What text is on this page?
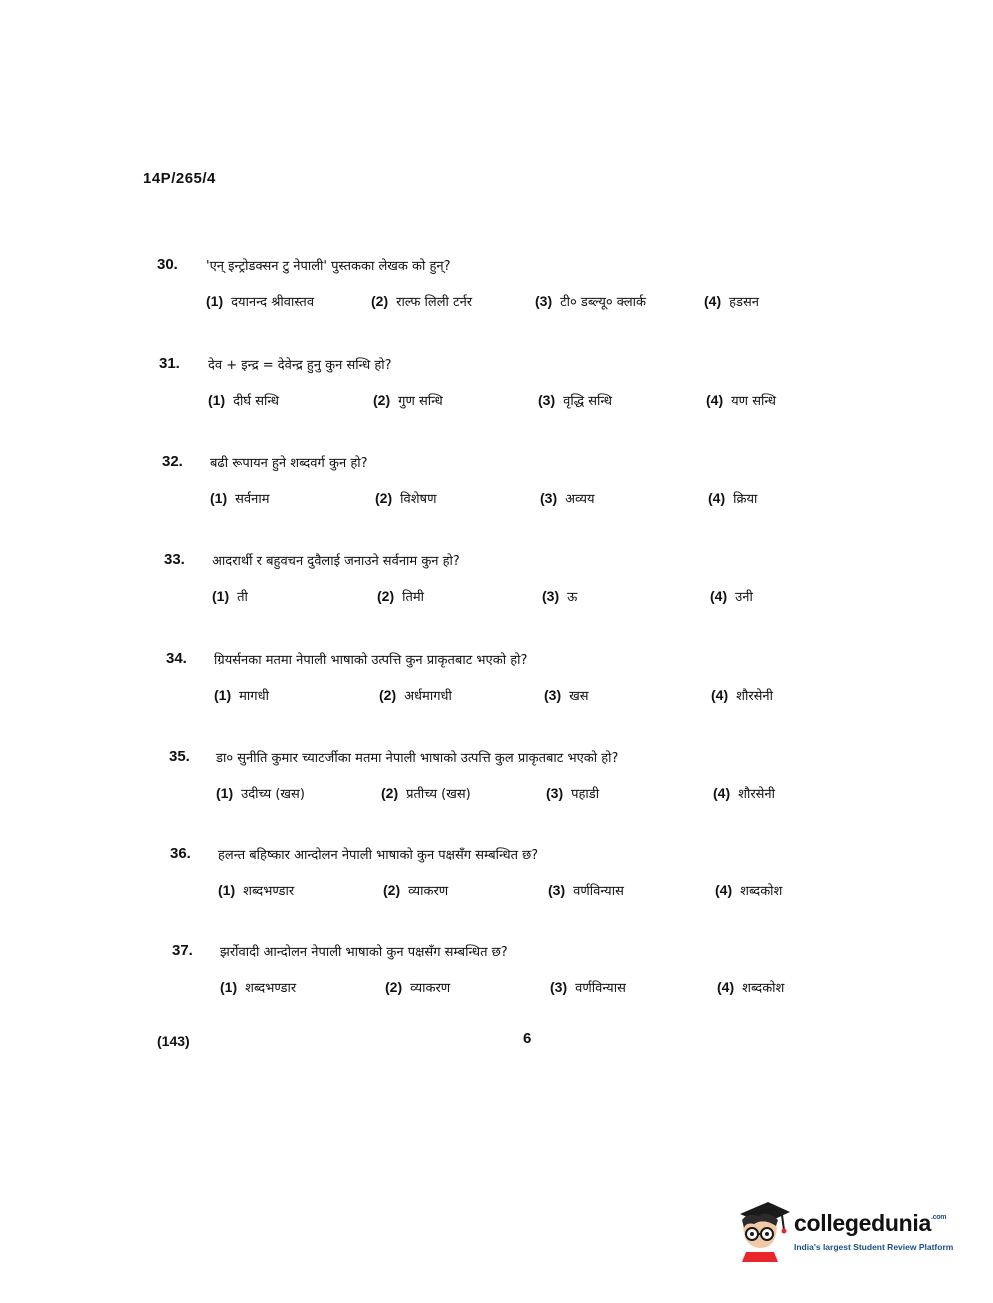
14P/265/4
30. 'एन् इन्ट्रोडक्सन टु नेपाली' पुस्तकका लेखक को हुन्?
(1) दयानन्द श्रीवास्तव	(2) राल्फ लिली टर्नर	(3) टी० डब्ल्यू० क्लार्क	(4) हडसन
31. देव + इन्द्र = देवेन्द्र हुनु कुन सन्धि हो?
(1) दीर्घ सन्धि	(2) गुण सन्धि	(3) वृद्धि सन्धि	(4) यण सन्धि
32. बढी रूपायन हुने शब्दवर्ग कुन हो?
(1) सर्वनाम	(2) विशेषण	(3) अव्यय	(4) क्रिया
33. आदरार्थी र बहुवचन दुवैलाई जनाउने सर्वनाम कुन हो?
(1) ती	(2) तिमी	(3) ऊ	(4) उनी
34. ग्रियर्सनका मतमा नेपाली भाषाको उत्पत्ति कुन प्राकृतबाट भएको हो?
(1) मागधी	(2) अर्धमागधी	(3) खस	(4) शौरसेनी
35. डा० सुनीति कुमार च्याटर्जीका मतमा नेपाली भाषाको उत्पत्ति कुल प्राकृतबाट भएको हो?
(1) उदीच्य (खस)	(2) प्रतीच्य (खस)	(3) पहाडी	(4) शौरसेनी
36. हलन्त बहिष्कार आन्दोलन नेपाली भाषाको कुन पक्षसँग सम्बन्धित छ?
(1) शब्दभण्डार	(2) व्याकरण	(3) वर्णविन्यास	(4) शब्दकोश
37. झर्रोवादी आन्दोलन नेपाली भाषाको कुन पक्षसँग सम्बन्धित छ?
(1) शब्दभण्डार	(2) व्याकरण	(3) वर्णविन्यास	(4) शब्दकोश
(143)	6
collegedunia$^{.com}$
India's largest Student Review Platform
